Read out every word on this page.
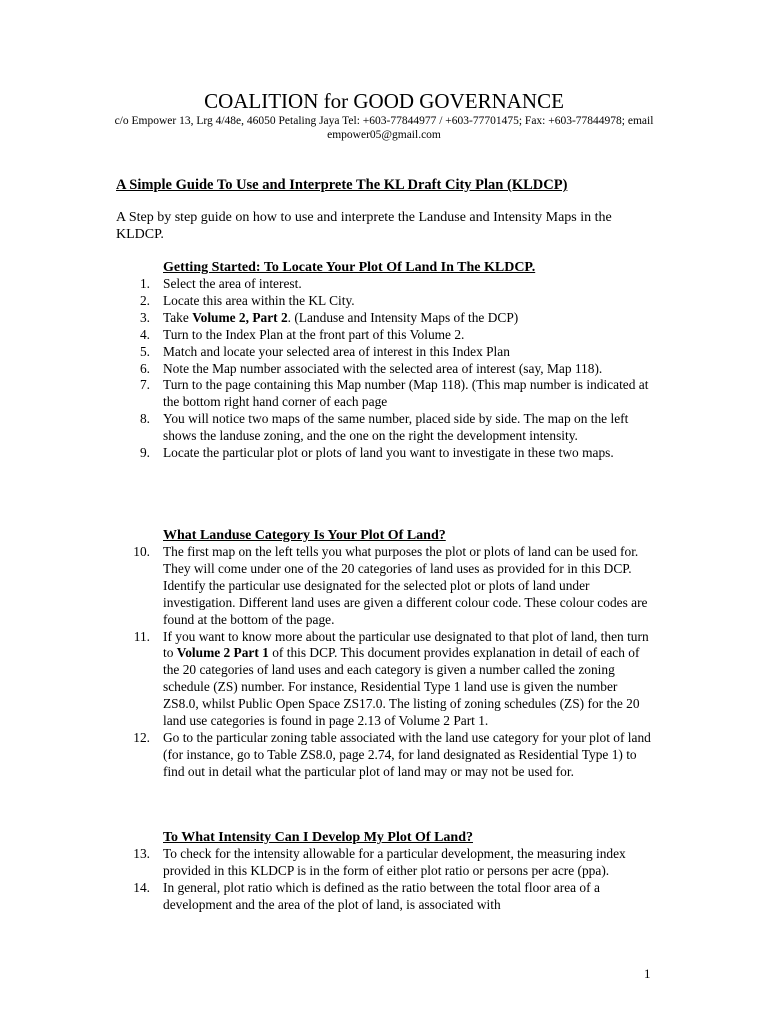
COALITION for GOOD GOVERNANCE
c/o Empower 13, Lrg 4/48e, 46050 Petaling Jaya Tel: +603-77844977 / +603-77701475; Fax: +603-77844978; email empower05@gmail.com
A Simple Guide To Use and Interprete The KL Draft City Plan (KLDCP)
A Step by step guide on how to use and interprete the Landuse and Intensity Maps in the KLDCP.
Getting Started: To Locate Your Plot Of Land In The KLDCP.
1. Select the area of interest.
2. Locate this area within the KL City.
3. Take Volume 2, Part 2. (Landuse and Intensity Maps of the DCP)
4. Turn to the Index Plan at the front part of this Volume 2.
5. Match and locate your selected area of interest in this Index Plan
6. Note the Map number associated with the selected area of interest (say, Map 118).
7. Turn to the page containing this Map number (Map 118). (This map number is indicated at the bottom right hand corner of each page
8. You will notice two maps of the same number, placed side by side. The map on the left shows the landuse zoning, and the one on the right the development intensity.
9. Locate the particular plot or plots of land you want to investigate in these two maps.
What Landuse Category Is Your Plot Of Land?
10. The first map on the left tells you what purposes the plot or plots of land can be used for. They will come under one of the 20 categories of land uses as provided for in this DCP. Identify the particular use designated for the selected plot or plots of land under investigation. Different land uses are given a different colour code. These colour codes are found at the bottom of the page.
11. If you want to know more about the particular use designated to that plot of land, then turn to Volume 2 Part 1 of this DCP. This document provides explanation in detail of each of the 20 categories of land uses and each category is given a number called the zoning schedule (ZS) number. For instance, Residential Type 1 land use is given the number ZS8.0, whilst Public Open Space ZS17.0. The listing of zoning schedules (ZS) for the 20 land use categories is found in page 2.13 of Volume 2 Part 1.
12. Go to the particular zoning table associated with the land use category for your plot of land (for instance, go to Table ZS8.0, page 2.74, for land designated as Residential Type 1) to find out in detail what the particular plot of land may or may not be used for.
To What Intensity Can I Develop My Plot Of Land?
13. To check for the intensity allowable for a particular development, the measuring index provided in this KLDCP is in the form of either plot ratio or persons per acre (ppa).
14. In general, plot ratio which is defined as the ratio between the total floor area of a development and the area of the plot of land, is associated with
1
